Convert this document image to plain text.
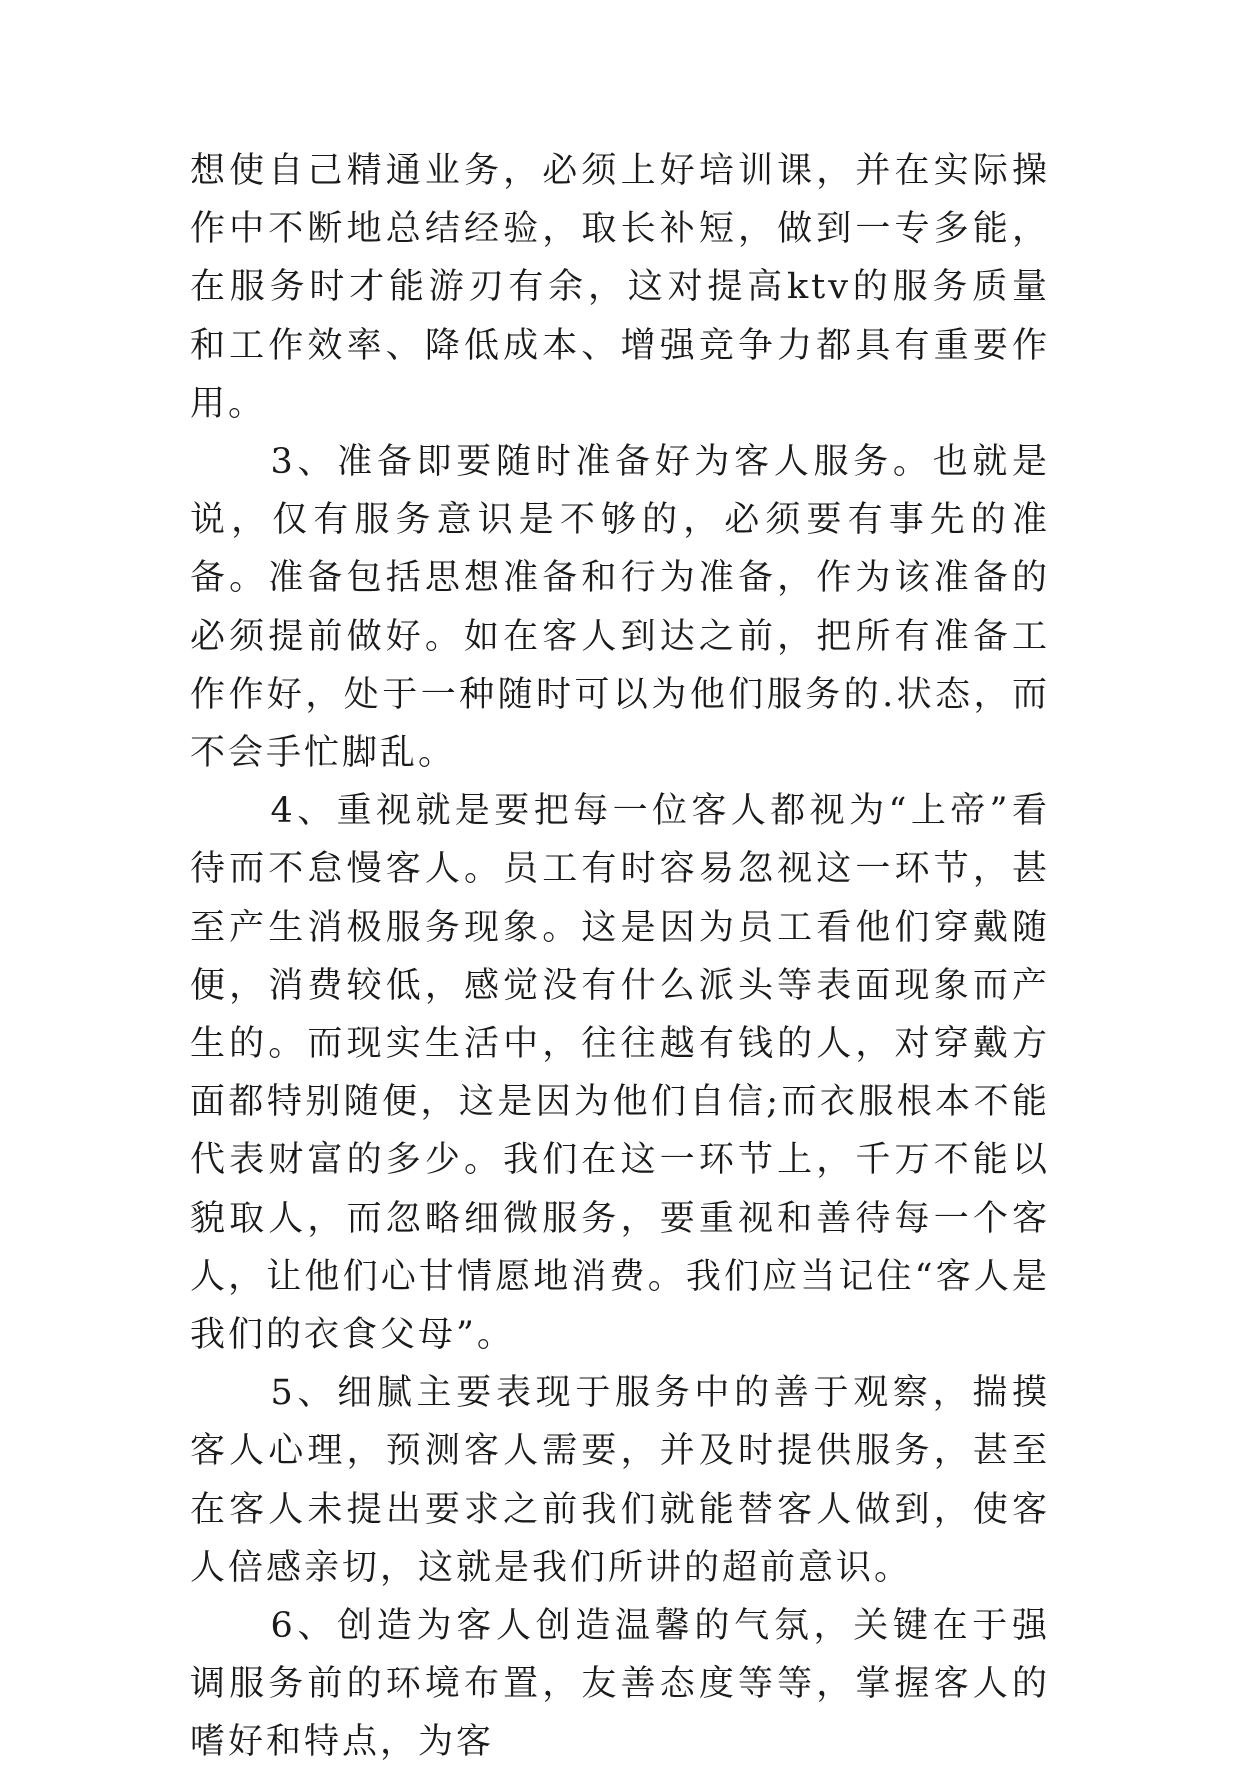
想使自己精通业务，必须上好培训课，并在实际操作中不断地总结经验，取长补短，做到一专多能，在服务时才能游刃有余，这对提高ktv的服务质量和工作效率、降低成本、增强竞争力都具有重要作用。

3、准备即要随时准备好为客人服务。也就是说，仅有服务意识是不够的，必须要有事先的准备。准备包括思想准备和行为准备，作为该准备的必须提前做好。如在客人到达之前，把所有准备工作作好，处于一种随时可以为他们服务的.状态，而不会手忙脚乱。

4、重视就是要把每一位客人都视为“上帝”看待而不怠慢客人。员工有时容易忽视这一环节，甚至产生消极服务现象。这是因为员工看他们穿戴随便，消费较低，感觉没有什么派头等表面现象而产生的。而现实生活中，往往越有钱的人，对穿戴方面都特别随便，这是因为他们自信;而衣服根本不能代表财富的多少。我们在这一环节上，千万不能以貌取人，而忽略细微服务，要重视和善待每一个客人，让他们心甘情愿地消费。我们应当记住“客人是我们的衣食父母”。

5、细腻主要表现于服务中的善于观察，揣摸客人心理，预测客人需要，并及时提供服务，甚至在客人未提出要求之前我们就能替客人做到，使客人倍感亲切，这就是我们所讲的超前意识。

6、创造为客人创造温馨的气氛，关键在于强调服务前的环境布置，友善态度等等，掌握客人的嗜好和特点，为客
